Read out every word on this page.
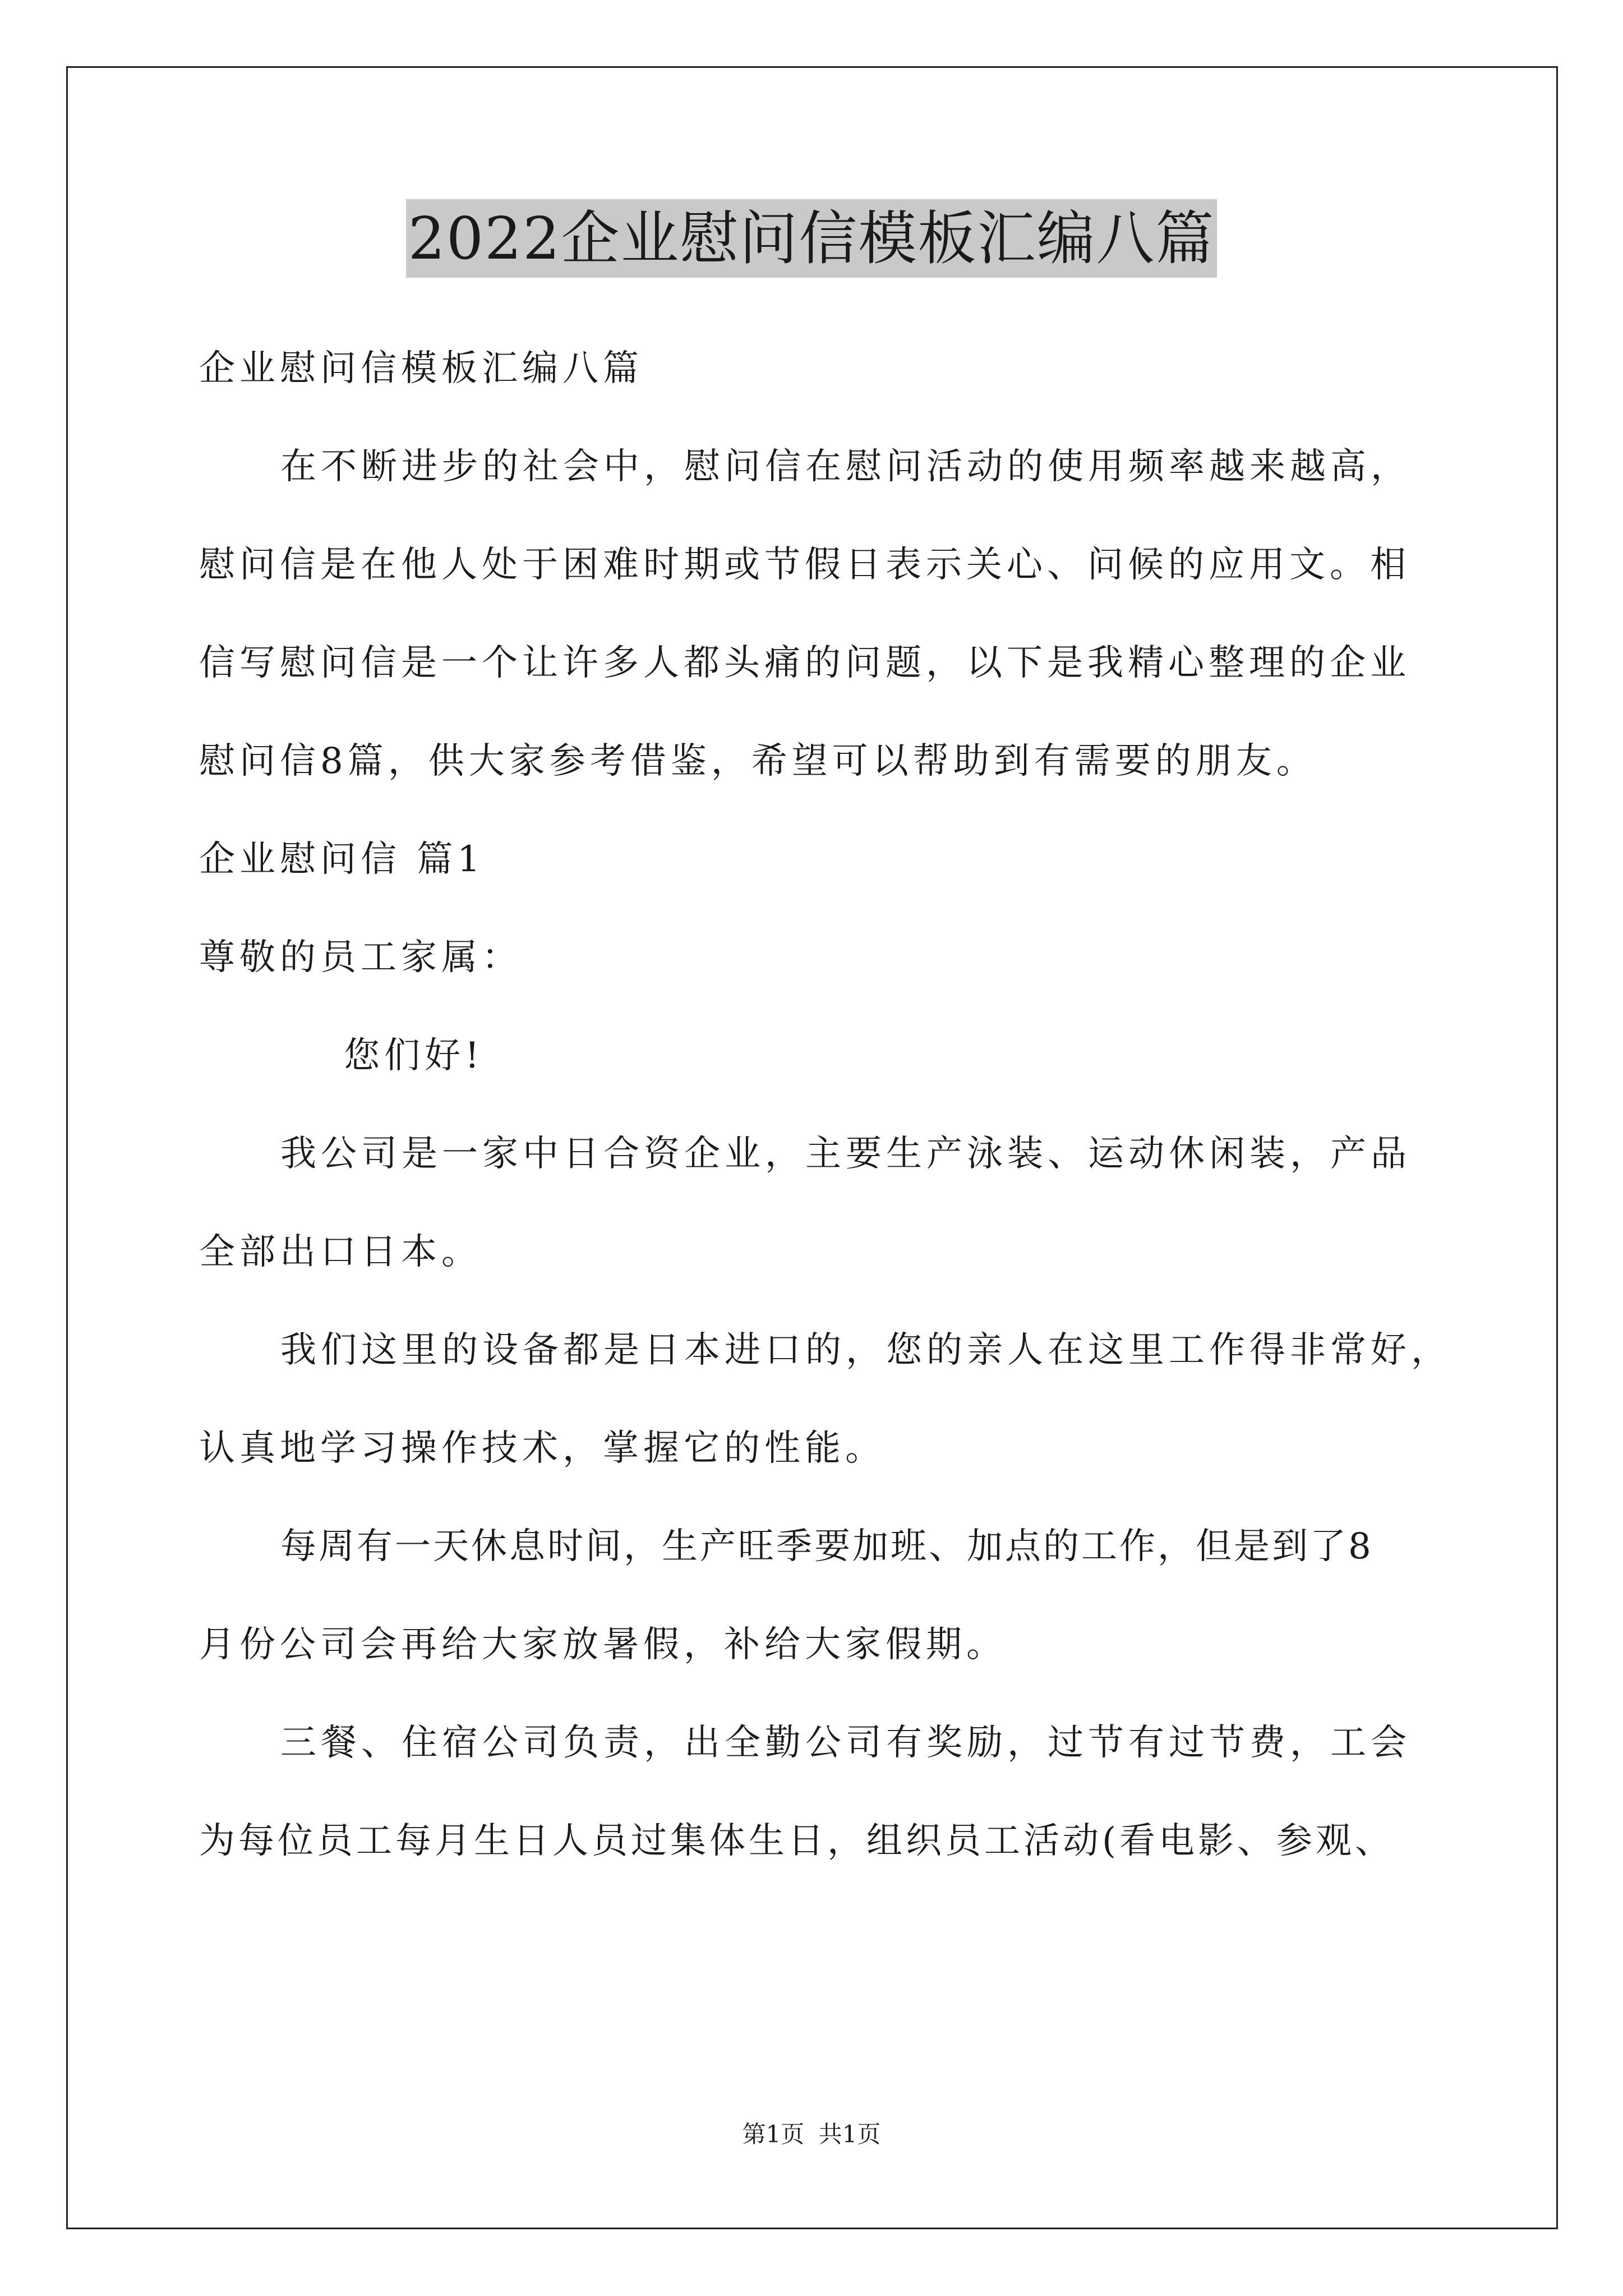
2022企业慰问信模板汇编八篇
企业慰问信模板汇编八篇
在不断进步的社会中，慰问信在慰问活动的使用频率越来越高，
慰问信是在他人处于困难时期或节假日表示关心、问候的应用文。相
信写慰问信是一个让许多人都头痛的问题，以下是我精心整理的企业
慰问信8篇，供大家参考借鉴，希望可以帮助到有需要的朋友。
企业慰问信 篇1
尊敬的员工家属：
您们好!
我公司是一家中日合资企业，主要生产泳装、运动休闲装，产品
全部出口日本。
我们这里的设备都是日本进口的，您的亲人在这里工作得非常好，
认真地学习操作技术，掌握它的性能。
每周有一天休息时间，生产旺季要加班、加点的工作，但是到了8
月份公司会再给大家放暑假，补给大家假期。
三餐、住宿公司负责，出全勤公司有奖励，过节有过节费，工会
为每位员工每月生日人员过集体生日，组织员工活动(看电影、参观、
第1页 共1页
